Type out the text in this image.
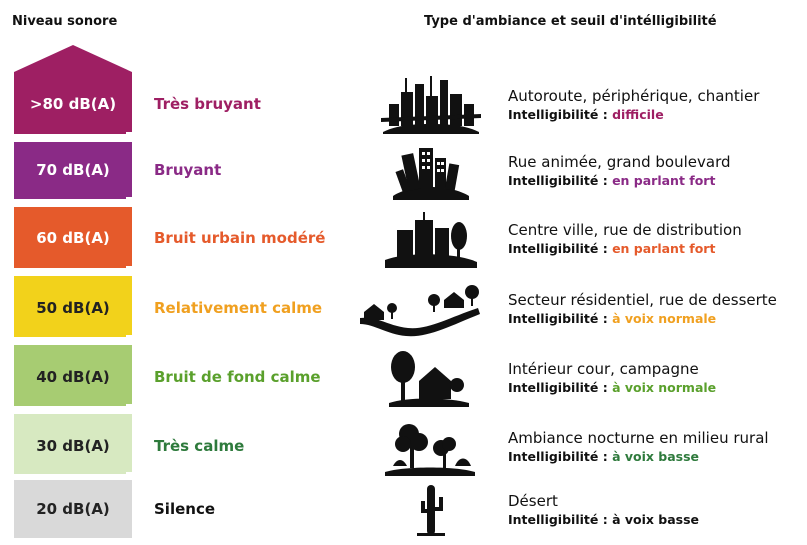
Niveau sonore	Type d'ambiance et seuil d'intélligibilité
>80 dB(A)	Très bruyant	Autoroute, périphérique, chantier
Intelligibilité : difficile
70 dB(A)	Bruyant	Rue animée, grand boulevard
Intelligibilité : en parlant fort
60 dB(A)	Bruit urbain modéré	Centre ville, rue de distribution
Intelligibilité : en parlant fort
50 dB(A)	Relativement calme	Secteur résidentiel, rue de desserte
Intelligibilité : à voix normale
40 dB(A)	Bruit de fond calme	Intérieur cour, campagne
Intelligibilité : à voix normale
30 dB(A)	Très calme	Ambiance nocturne en milieu rural
Intelligibilité : à voix basse
20 dB(A)	Silence	Désert
Intelligibilité : à voix basse
